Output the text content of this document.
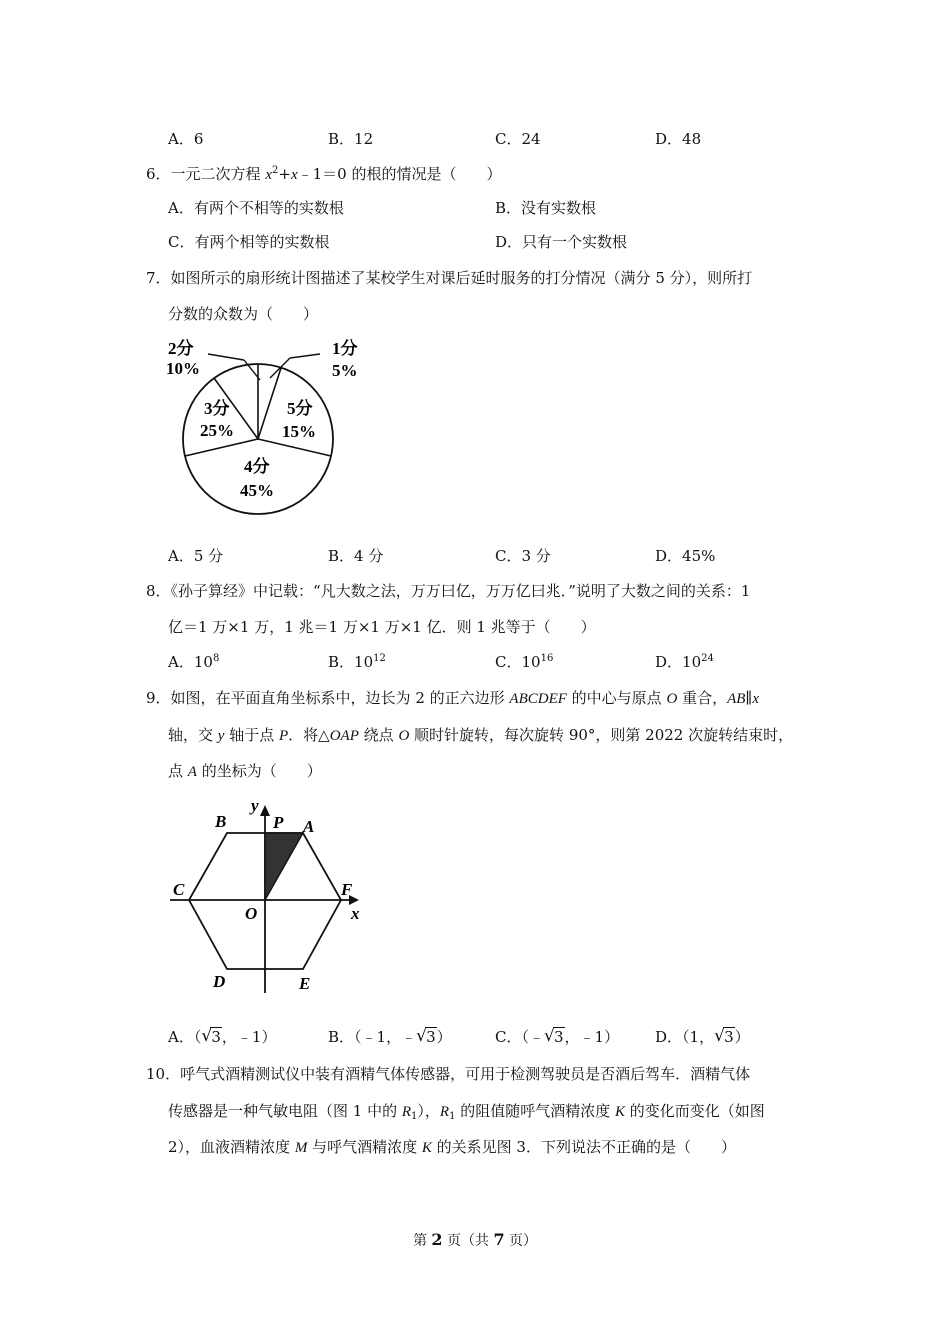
A．6	B．12	C．24	D．48
6．一元二次方程 $x^2+x﹣1=0$ 的根的情况是（　　）
A．有两个不相等的实数根	B．没有实数根
C．有两个相等的实数根	D．只有一个实数根
7．如图所示的扇形统计图描述了某校学生对课后延时服务的打分情况（满分 5 分），则所打
分数的众数为（　　）
2分
10%
1分
5%
3分
25%
5分
15%
4分
45%
A．5 分	B．4 分	C．3 分	D．45%
8．《孙子算经》中记载：“凡大数之法，万万曰亿，万万亿曰兆．”说明了大数之间的关系：1
亿＝1 万×1 万，1 兆＝1 万×1 万×1 亿．则 1 兆等于（　　）
A．$10^8$	B．$10^{12}$	C．$10^{16}$	D．$10^{24}$
9．如图，在平面直角坐标系中，边长为 2 的正六边形 ABCDEF 的中心与原点 O 重合，AB∥x
轴，交 y 轴于点 P．将△OAP 绕点 O 顺时针旋转，每次旋转 90°，则第 2022 次旋转结束时，
点 A 的坐标为（　　）
y
B	P A
C	F
O	x
D	E
A．（ √ 3，﹣1）	B．（﹣1，﹣ √ 3）	C．（﹣ √ 3，﹣1） D．（1， √ 3）
10．呼气式酒精测试仪中装有酒精气体传感器，可用于检测驾驶员是否酒后驾车．酒精气体
传感器是一种气敏电阻（图 1 中的 $R_1$），$R_1$ 的阻值随呼气酒精浓度 K 的变化而变化（如图
2），血液酒精浓度 M 与呼气酒精浓度 K 的关系见图 3．下列说法不正确的是（　　）
第 2 页（共 7 页）
